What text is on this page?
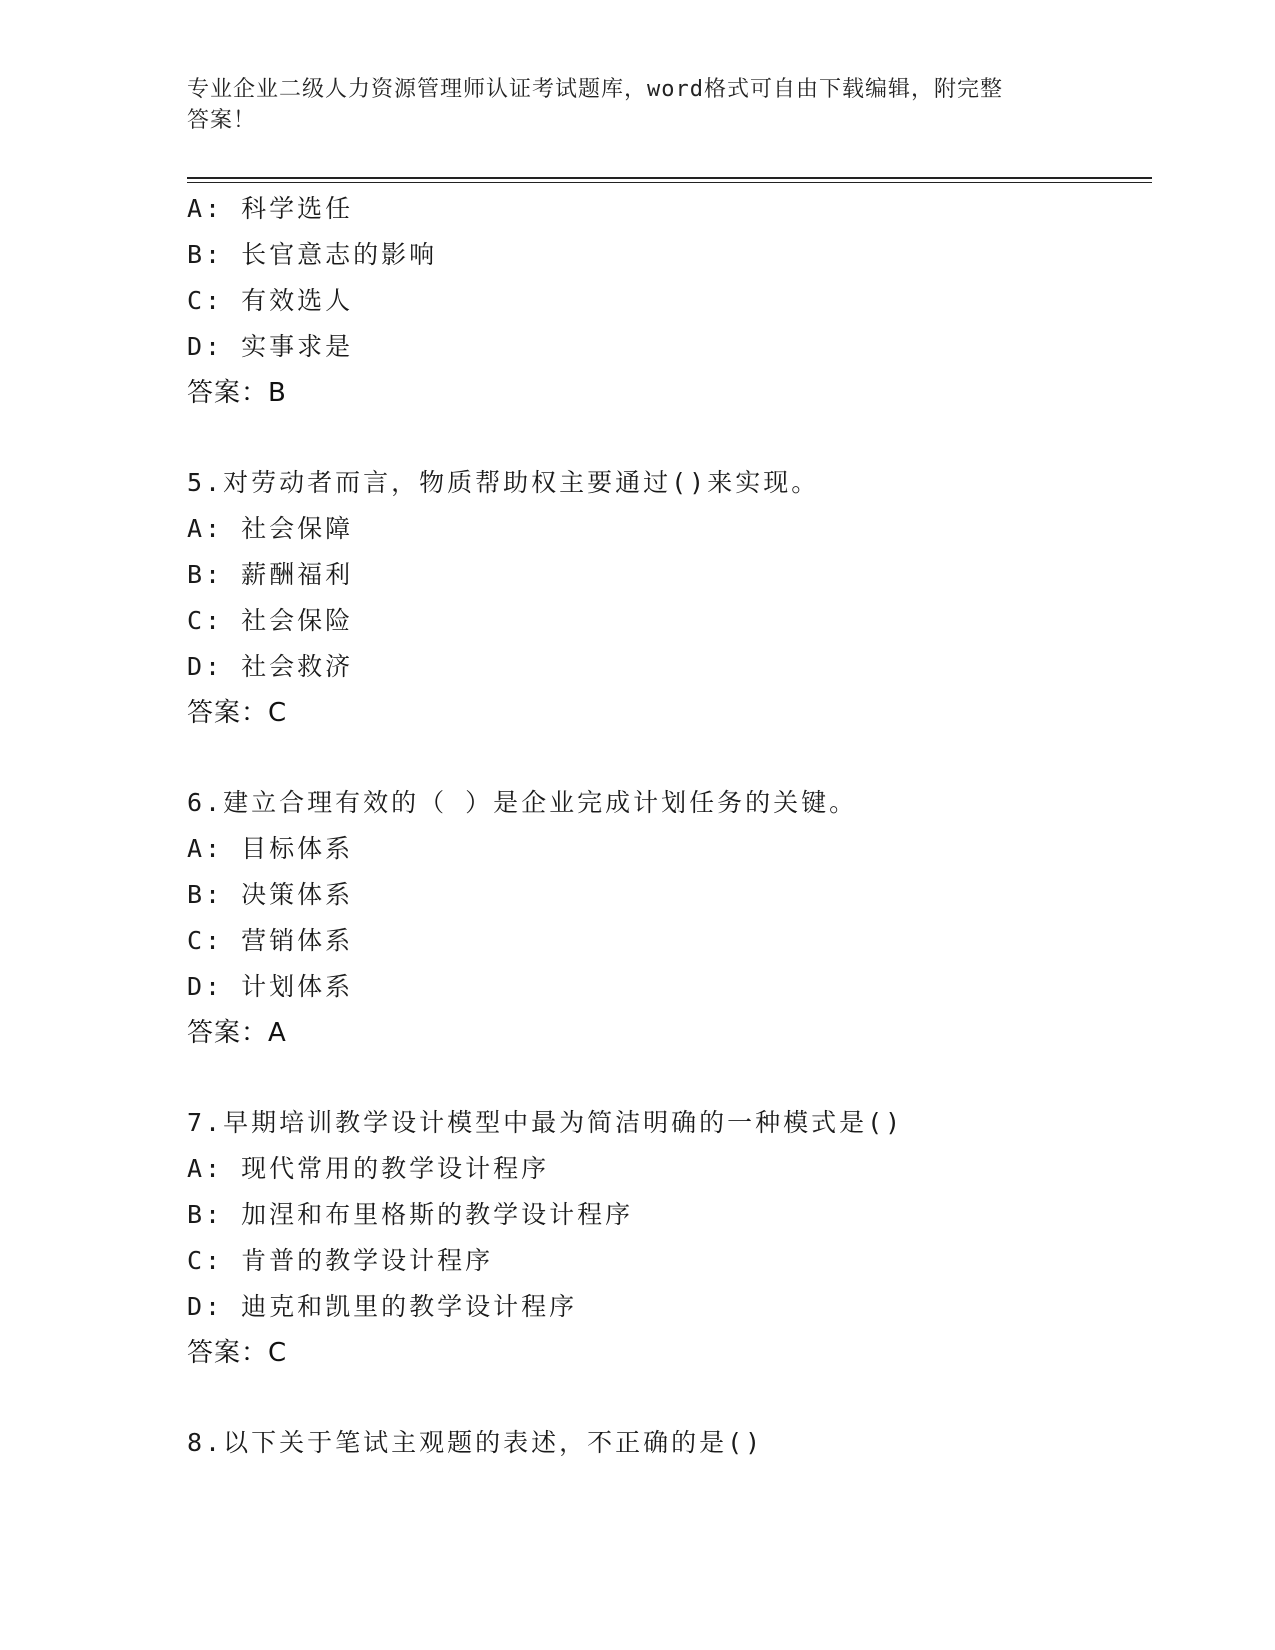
专业企业二级人力资源管理师认证考试题库，word格式可自由下载编辑，附完整
答案！
A: 科学选任
B: 长官意志的影响
C: 有效选人
D: 实事求是
答案：B
5.对劳动者而言，物质帮助权主要通过()来实现。
A: 社会保障
B: 薪酬福利
C: 社会保险
D: 社会救济
答案：C
6.建立合理有效的（ ）是企业完成计划任务的关键。
A: 目标体系
B: 决策体系
C: 营销体系
D: 计划体系
答案：A
7.早期培训教学设计模型中最为简洁明确的一种模式是()
A: 现代常用的教学设计程序
B: 加涅和布里格斯的教学设计程序
C: 肯普的教学设计程序
D: 迪克和凯里的教学设计程序
答案：C
8.以下关于笔试主观题的表述，不正确的是()
